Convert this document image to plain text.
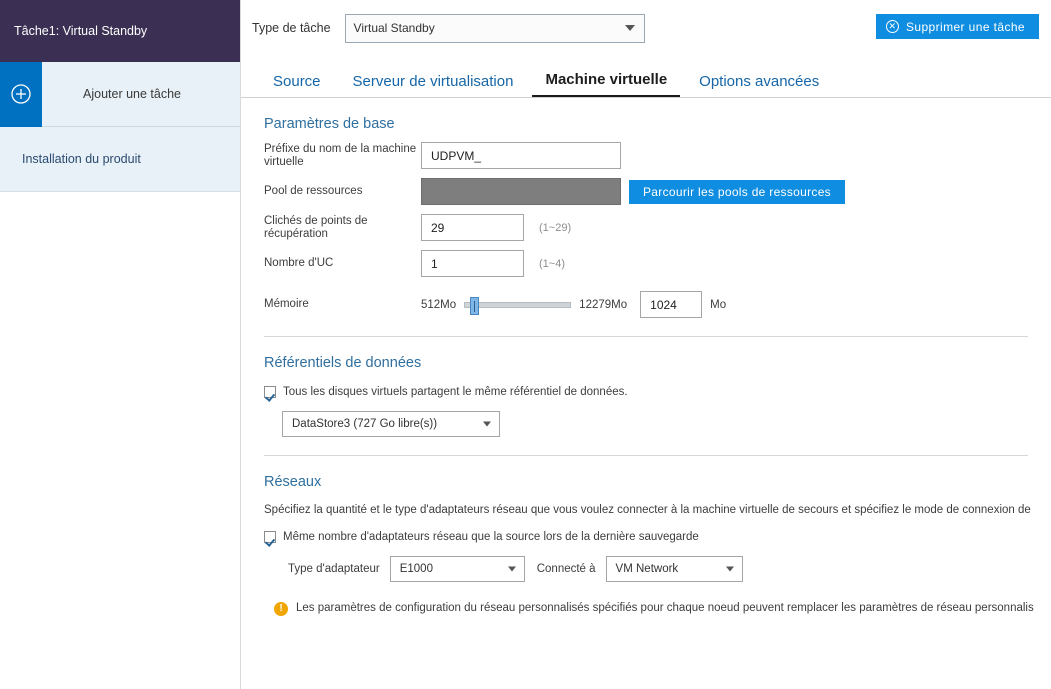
Tâche1: Virtual Standby
Ajouter une tâche
Installation du produit
Type de tâche Virtual Standby	✕ Supprimer une tâche
Source	Serveur de virtualisation	Machine virtuelle	Options avancées
Paramètres de base
Préfixe du nom de la machine virtuelle	UDPVM_
Pool de ressources	Parcourir les pools de ressources
Clichés de points de récupération	29	(1~29)
Nombre d'UC	1	(1~4)
Mémoire	512Mo	12279Mo 1024	Mo
Référentiels de données
Tous les disques virtuels partagent le même référentiel de données.
DataStore3 (727 Go libre(s))
Réseaux
Spécifiez la quantité et le type d'adaptateurs réseau que vous voulez connecter à la machine virtuelle de secours et spécifiez le mode de connexion de
Même nombre d'adaptateurs réseau que la source lors de la dernière sauvegarde
Type d'adaptateur E1000	Connecté à VM Network
!	Les paramètres de configuration du réseau personnalisés spécifiés pour chaque noeud peuvent remplacer les paramètres de réseau personnalis
